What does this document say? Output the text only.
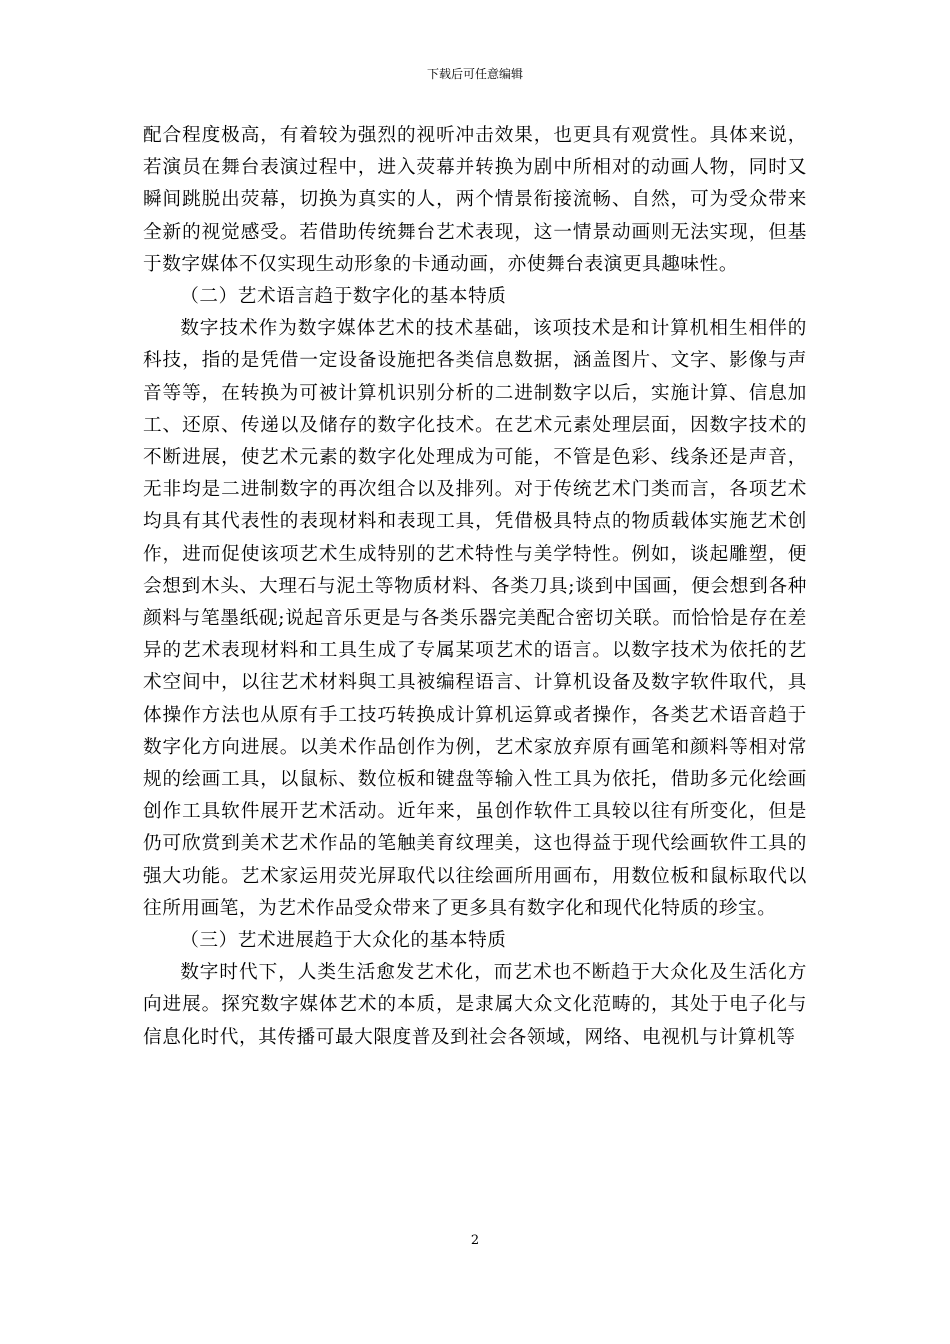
下载后可任意编辑

配合程度极高，有着较为强烈的视听冲击效果，也更具有观赏性。具体来说，若演员在舞台表演过程中，进入荧幕并转换为剧中所相对的动画人物，同时又瞬间跳脱出荧幕，切换为真实的人，两个情景衔接流畅、自然，可为受众带来全新的视觉感受。若借助传统舞台艺术表现，这一情景动画则无法实现，但基于数字媒体不仅实现生动形象的卡通动画，亦使舞台表演更具趣味性。

（二）艺术语言趋于数字化的基本特质

数字技术作为数字媒体艺术的技术基础，该项技术是和计算机相生相伴的科技，指的是凭借一定设备设施把各类信息数据，涵盖图片、文字、影像与声音等等，在转换为可被计算机识别分析的二进制数字以后，实施计算、信息加工、还原、传递以及储存的数字化技术。在艺术元素处理层面，因数字技术的不断进展，使艺术元素的数字化处理成为可能，不管是色彩、线条还是声音，无非均是二进制数字的再次组合以及排列。对于传统艺术门类而言，各项艺术均具有其代表性的表现材料和表现工具，凭借极具特点的物质载体实施艺术创作，进而促使该项艺术生成特别的艺术特性与美学特性。例如，谈起雕塑，便会想到木头、大理石与泥土等物质材料、各类刀具;谈到中国画，便会想到各种颜料与笔墨纸砚;说起音乐更是与各类乐器完美配合密切关联。而恰恰是存在差异的艺术表现材料和工具生成了专属某项艺术的语言。以数字技术为依托的艺术空间中，以往艺术材料與工具被编程语言、计算机设备及数字软件取代，具体操作方法也从原有手工技巧转换成计算机运算或者操作，各类艺术语音趋于数字化方向进展。以美术作品创作为例，艺术家放弃原有画笔和颜料等相对常规的绘画工具，以鼠标、数位板和键盘等输入性工具为依托，借助多元化绘画创作工具软件展开艺术活动。近年来，虽创作软件工具较以往有所变化，但是仍可欣赏到美术艺术作品的笔触美育纹理美，这也得益于现代绘画软件工具的强大功能。艺术家运用荧光屏取代以往绘画所用画布，用数位板和鼠标取代以往所用画笔，为艺术作品受众带来了更多具有数字化和现代化特质的珍宝。

（三）艺术进展趋于大众化的基本特质

数字时代下，人类生活愈发艺术化，而艺术也不断趋于大众化及生活化方向进展。探究数字媒体艺术的本质，是隶属大众文化范畴的，其处于电子化与信息化时代，其传播可最大限度普及到社会各领域，网络、电视机与计算机等

2
